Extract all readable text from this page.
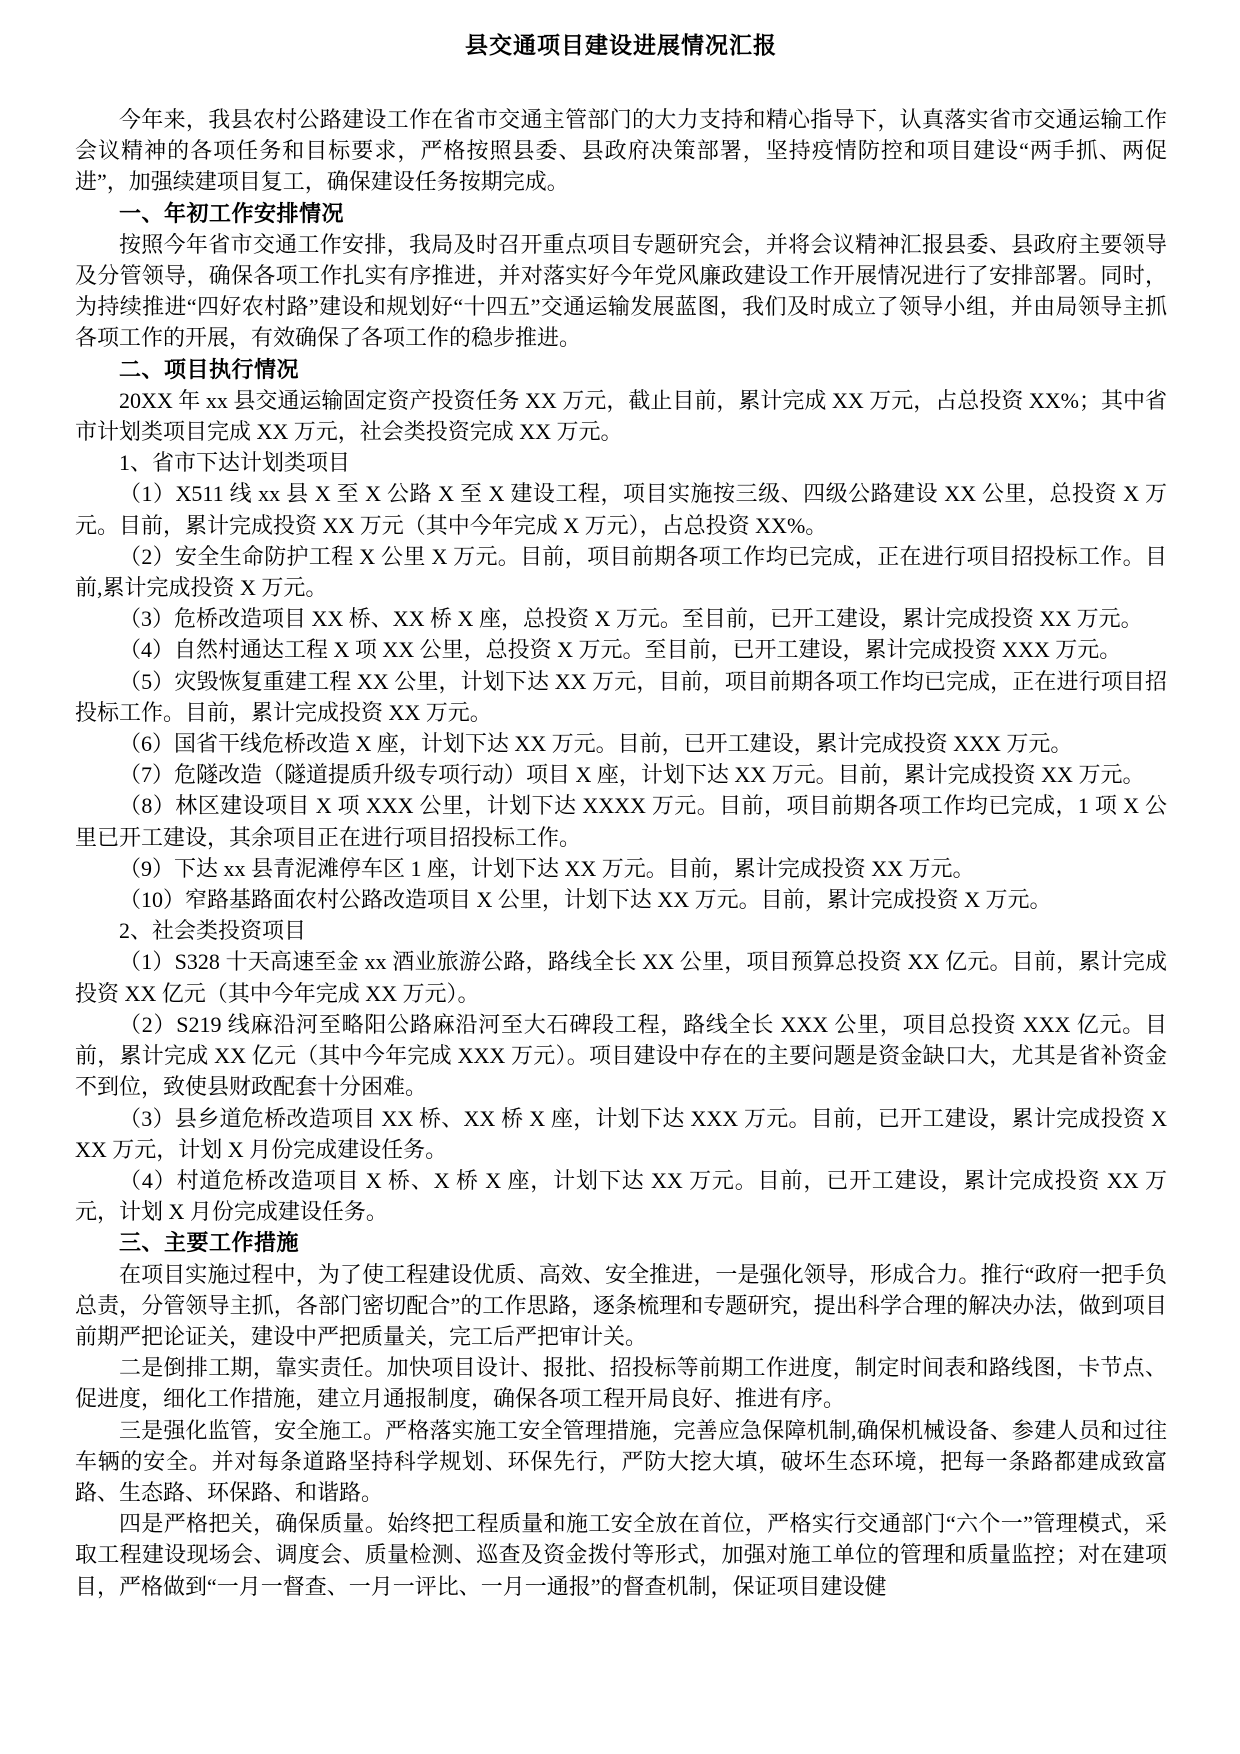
县交通项目建设进展情况汇报

今年来，我县农村公路建设工作在省市交通主管部门的大力支持和精心指导下，认真落实省市交通运输工作会议精神的各项任务和目标要求，严格按照县委、县政府决策部署，坚持疫情防控和项目建设“两手抓、两促进”，加强续建项目复工，确保建设任务按期完成。

一、年初工作安排情况

按照今年省市交通工作安排，我局及时召开重点项目专题研究会，并将会议精神汇报县委、县政府主要领导及分管领导，确保各项工作扎实有序推进，并对落实好今年党风廉政建设工作开展情况进行了安排部署。同时，为持续推进“四好农村路”建设和规划好“十四五”交通运输发展蓝图，我们及时成立了领导小组，并由局领导主抓各项工作的开展，有效确保了各项工作的稳步推进。

二、项目执行情况

20XX 年 xx 县交通运输固定资产投资任务 XX 万元，截止目前，累计完成 XX 万元，占总投资 XX%；其中省市计划类项目完成 XX 万元，社会类投资完成 XX 万元。

1、省市下达计划类项目

（1）X511 线 xx 县 X 至 X 公路 X 至 X 建设工程，项目实施按三级、四级公路建设 XX 公里，总投资 X 万元。目前，累计完成投资 XX 万元（其中今年完成 X 万元），占总投资 XX%。

（2）安全生命防护工程 X 公里 X 万元。目前，项目前期各项工作均已完成，正在进行项目招投标工作。目前,累计完成投资 X 万元。

（3）危桥改造项目 XX 桥、XX 桥 X 座，总投资 X 万元。至目前，已开工建设，累计完成投资 XX 万元。

（4）自然村通达工程 X 项 XX 公里，总投资 X 万元。至目前，已开工建设，累计完成投资 XXX 万元。

（5）灾毁恢复重建工程 XX 公里，计划下达 XX 万元，目前，项目前期各项工作均已完成，正在进行项目招投标工作。目前，累计完成投资 XX 万元。

（6）国省干线危桥改造 X 座，计划下达 XX 万元。目前，已开工建设，累计完成投资 XXX 万元。

（7）危隧改造（隧道提质升级专项行动）项目 X 座，计划下达 XX 万元。目前，累计完成投资 XX 万元。

（8）林区建设项目 X 项 XXX 公里，计划下达 XXXX 万元。目前，项目前期各项工作均已完成，1 项 X 公里已开工建设，其余项目正在进行项目招投标工作。

（9）下达 xx 县青泥滩停车区 1 座，计划下达 XX 万元。目前，累计完成投资 XX 万元。

（10）窄路基路面农村公路改造项目 X 公里，计划下达 XX 万元。目前，累计完成投资 X 万元。

2、社会类投资项目

（1）S328 十天高速至金 xx 酒业旅游公路，路线全长 XX 公里，项目预算总投资 XX 亿元。目前，累计完成投资 XX 亿元（其中今年完成 XX 万元）。

（2）S219 线麻沿河至略阳公路麻沿河至大石碑段工程，路线全长 XXX 公里，项目总投资 XXX 亿元。目前，累计完成 XX 亿元（其中今年完成 XXX 万元）。项目建设中存在的主要问题是资金缺口大，尤其是省补资金不到位，致使县财政配套十分困难。

（3）县乡道危桥改造项目 XX 桥、XX 桥 X 座，计划下达 XXX 万元。目前，已开工建设，累计完成投资 XXX 万元，计划 X 月份完成建设任务。

（4）村道危桥改造项目 X 桥、X 桥 X 座，计划下达 XX 万元。目前，已开工建设，累计完成投资 XX 万元，计划 X 月份完成建设任务。

三、主要工作措施

在项目实施过程中，为了使工程建设优质、高效、安全推进，一是强化领导，形成合力。推行“政府一把手负总责，分管领导主抓，各部门密切配合”的工作思路，逐条梳理和专题研究，提出科学合理的解决办法，做到项目前期严把论证关，建设中严把质量关，完工后严把审计关。

二是倒排工期，靠实责任。加快项目设计、报批、招投标等前期工作进度，制定时间表和路线图，卡节点、促进度，细化工作措施，建立月通报制度，确保各项工程开局良好、推进有序。

三是强化监管，安全施工。严格落实施工安全管理措施，完善应急保障机制,确保机械设备、参建人员和过往车辆的安全。并对每条道路坚持科学规划、环保先行，严防大挖大填，破坏生态环境，把每一条路都建成致富路、生态路、环保路、和谐路。

四是严格把关，确保质量。始终把工程质量和施工安全放在首位，严格实行交通部门“六个一”管理模式，采取工程建设现场会、调度会、质量检测、巡查及资金拨付等形式，加强对施工单位的管理和质量监控；对在建项目，严格做到“一月一督查、一月一评比、一月一通报”的督查机制，保证项目建设健
